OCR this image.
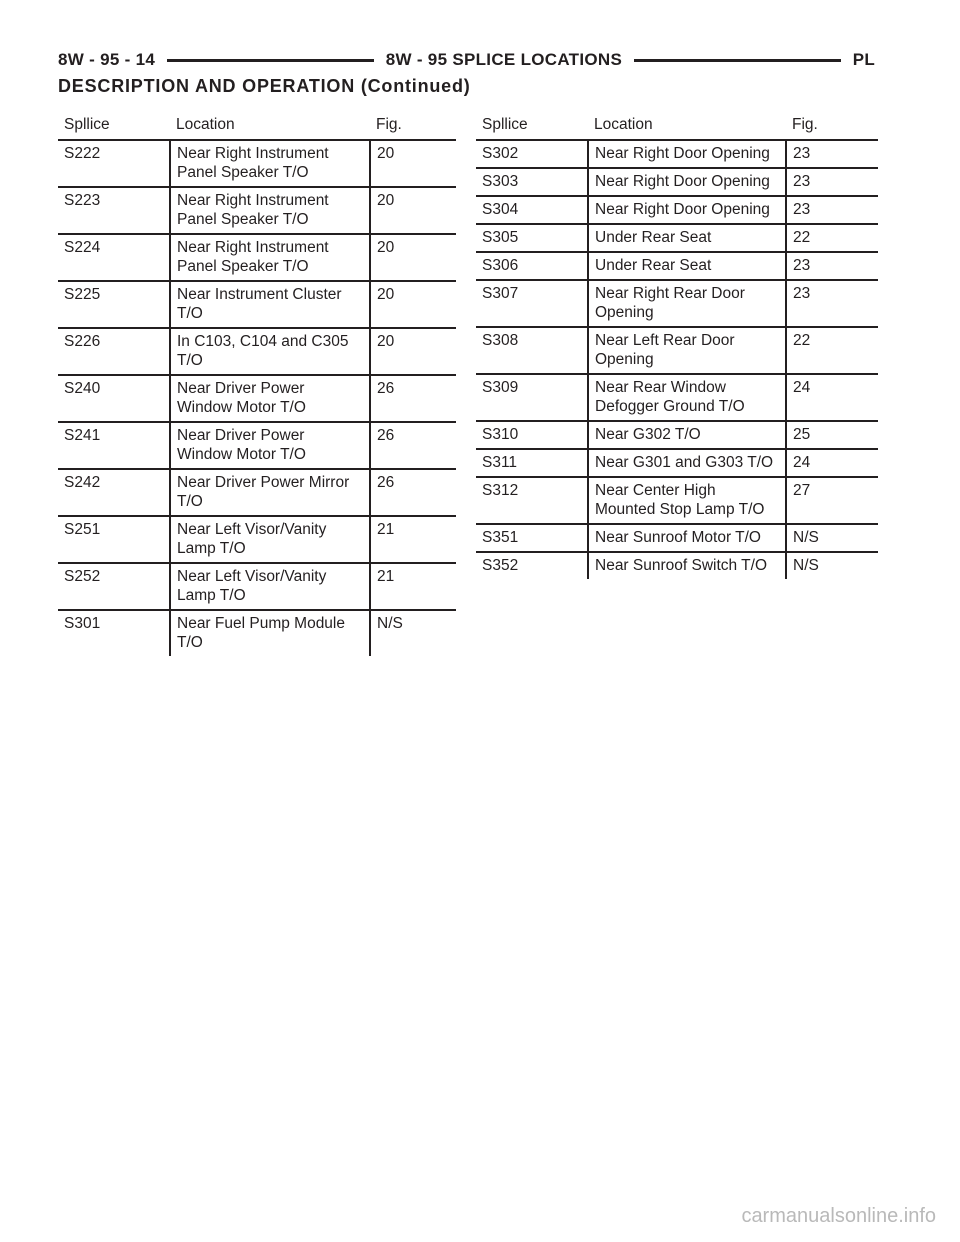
8W - 95 - 14	8W - 95 SPLICE LOCATIONS	PL
DESCRIPTION AND OPERATION (Continued)
Spllice	Location	Fig.
S222	Near Right Instrument Panel Speaker T/O	20
S223	Near Right Instrument Panel Speaker T/O	20
S224	Near Right Instrument Panel Speaker T/O	20
S225	Near Instrument Cluster T/O	20
S226	In C103, C104 and C305 T/O	20
S240	Near Driver Power Window Motor T/O	26
S241	Near Driver Power Window Motor T/O	26
S242	Near Driver Power Mirror T/O	26
S251	Near Left Visor/Vanity Lamp T/O	21
S252	Near Left Visor/Vanity Lamp T/O	21
S301	Near Fuel Pump Module T/O	N/S
Spllice	Location	Fig.
S302	Near Right Door Opening	23
S303	Near Right Door Opening	23
S304	Near Right Door Opening	23
S305	Under Rear Seat	22
S306	Under Rear Seat	23
S307	Near Right Rear Door Opening	23
S308	Near Left Rear Door Opening	22
S309	Near Rear Window Defogger Ground T/O	24
S310	Near G302 T/O	25
S311	Near G301 and G303 T/O	24
S312	Near Center High Mounted Stop Lamp T/O	27
S351	Near Sunroof Motor T/O	N/S
S352	Near Sunroof Switch T/O	N/S
carmanualsonline.info
